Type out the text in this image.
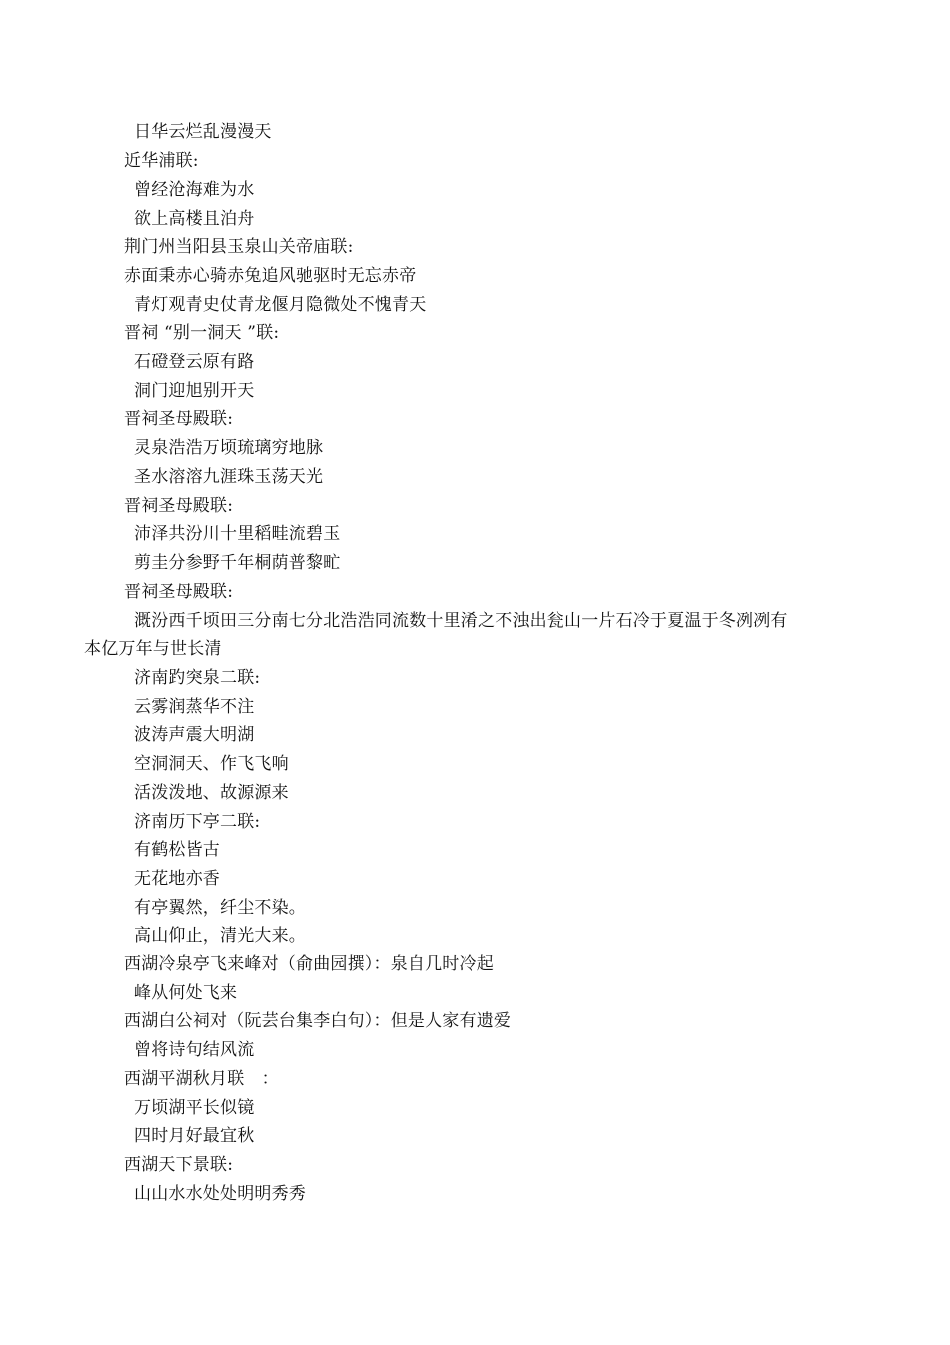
日华云烂乱漫漫天
近华浦联:
曾经沧海难为水
欲上高楼且泊舟
荆门州当阳县玉泉山关帝庙联:
赤面秉赤心骑赤兔追风驰驱时无忘赤帝
青灯观青史仗青龙偃月隐微处不愧青天
晋祠 “别一洞天 ”联:
石磴登云原有路
洞门迎旭别开天
晋祠圣母殿联:
灵泉浩浩万顷琉璃穷地脉
圣水溶溶九涯珠玉荡天光
晋祠圣母殿联:
沛泽共汾川十里稻畦流碧玉
剪圭分参野千年桐荫普黎甿
晋祠圣母殿联:
溉汾西千顷田三分南七分北浩浩同流数十里淆之不浊出瓮山一片石冷于夏温于冬冽冽有
本亿万年与世长清
济南趵突泉二联:
云雾润蒸华不注
波涛声震大明湖
空洞洞天、作飞飞响
活泼泼地、故源源来
济南历下亭二联:
有鹤松皆古
无花地亦香
有亭翼然，纤尘不染。
高山仰止，清光大来。
西湖冷泉亭飞来峰对（俞曲园撰）：泉自几时冷起
峰从何处飞来
西湖白公祠对（阮芸台集李白句）：但是人家有遗爱
曾将诗句结风流
西湖平湖秋月联　：
万顷湖平长似镜
四时月好最宜秋
西湖天下景联:
山山水水处处明明秀秀
